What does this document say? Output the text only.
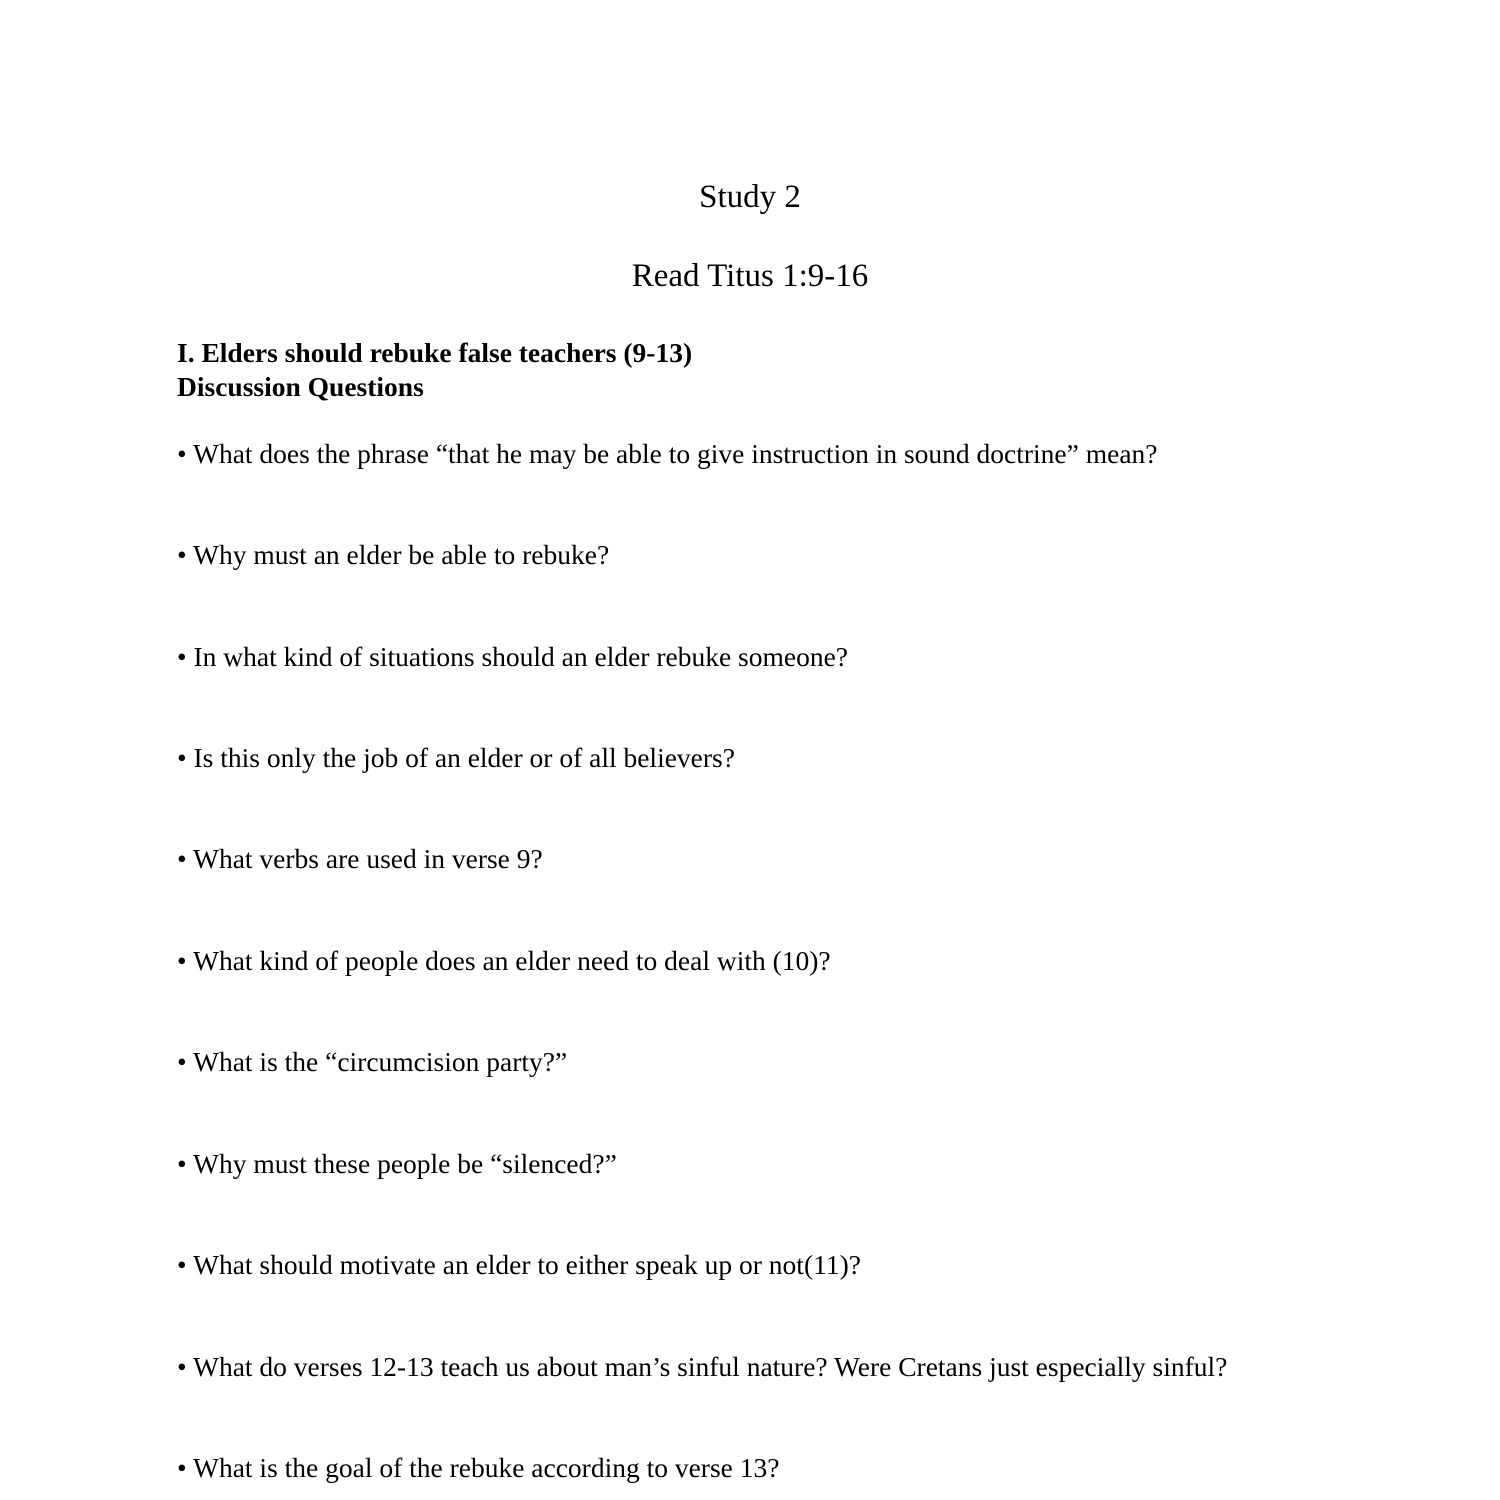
Study 2
Read Titus 1:9-16
I. Elders should rebuke false teachers (9-13)
Discussion Questions
• What does the phrase “that he may be able to give instruction in sound doctrine” mean?
• Why must an elder be able to rebuke?
• In what kind of situations should an elder rebuke someone?
• Is this only the job of an elder or of all believers?
• What verbs are used in verse 9?
• What kind of people does an elder need to deal with (10)?
• What is the “circumcision party?”
• Why must these people be “silenced?”
• What should motivate an elder to either speak up or not(11)?
• What do verses 12-13 teach us about man’s sinful nature? Were Cretans just especially sinful?
• What is the goal of the rebuke according to verse 13?
